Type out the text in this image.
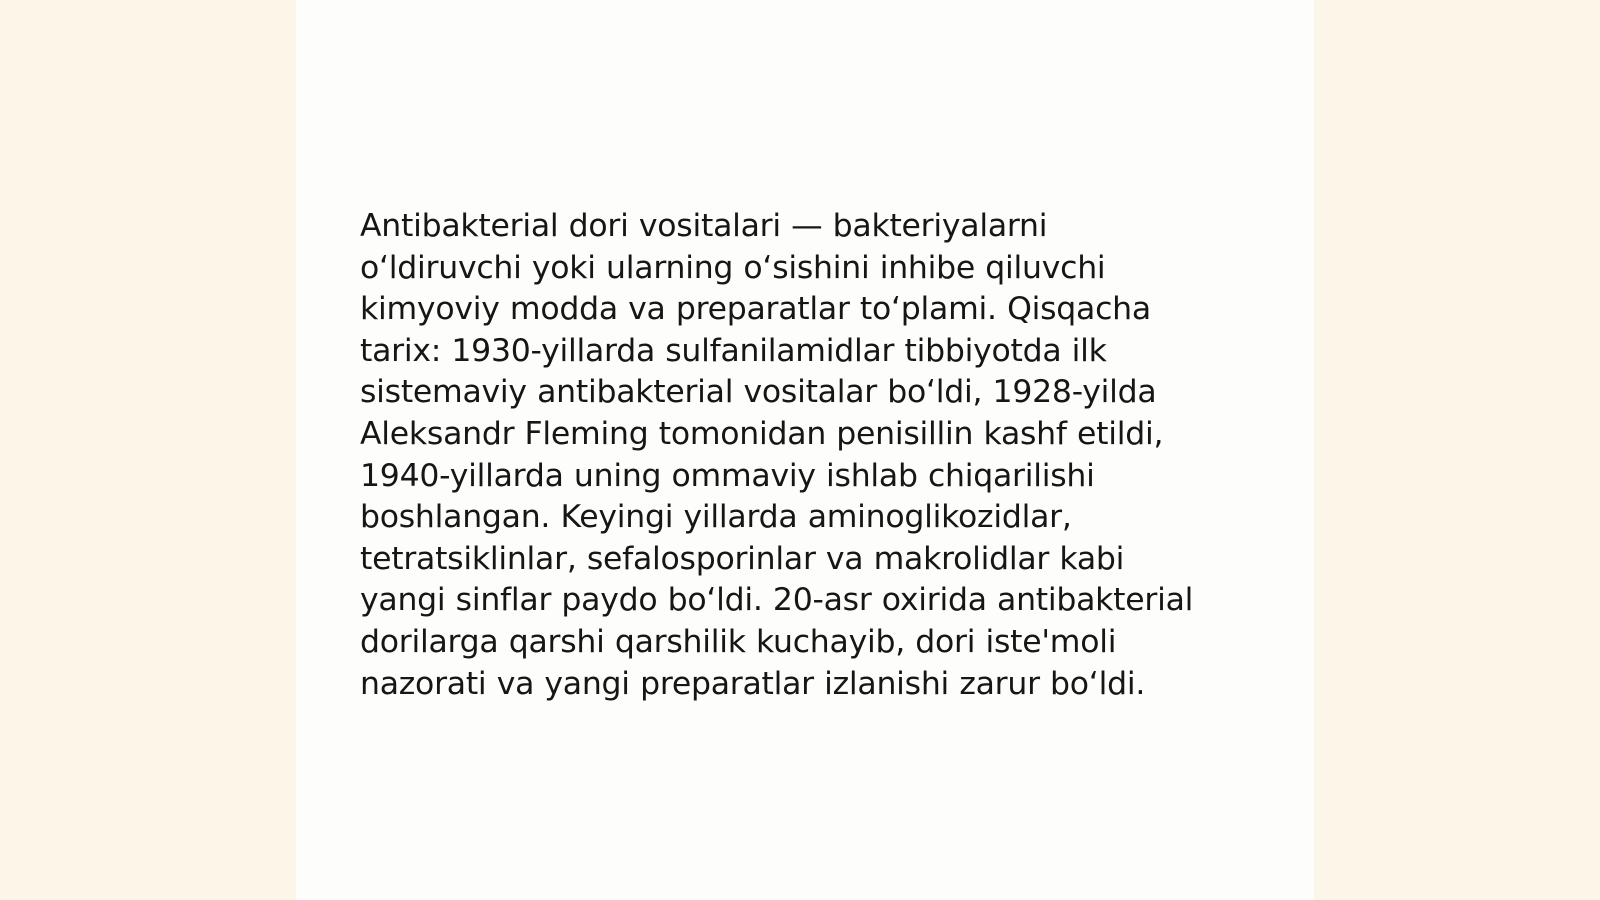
Antibakterial dori vositalari — bakteriyalarni
o‘ldiruvchi yoki ularning o‘sishini inhibe qiluvchi
kimyoviy modda va preparatlar to‘plami. Qisqacha
tarix: 1930-yillarda sulfanilamidlar tibbiyotda ilk
sistemaviy antibakterial vositalar bo‘ldi, 1928-yilda
Aleksandr Fleming tomonidan penisillin kashf etildi,
1940-yillarda uning ommaviy ishlab chiqarilishi
boshlangan. Keyingi yillarda aminoglikozidlar,
tetratsiklinlar, sefalosporinlar va makrolidlar kabi
yangi sinflar paydo bo‘ldi. 20-asr oxirida antibakterial
dorilarga qarshi qarshilik kuchayib, dori iste'moli
nazorati va yangi preparatlar izlanishi zarur bo‘ldi.
